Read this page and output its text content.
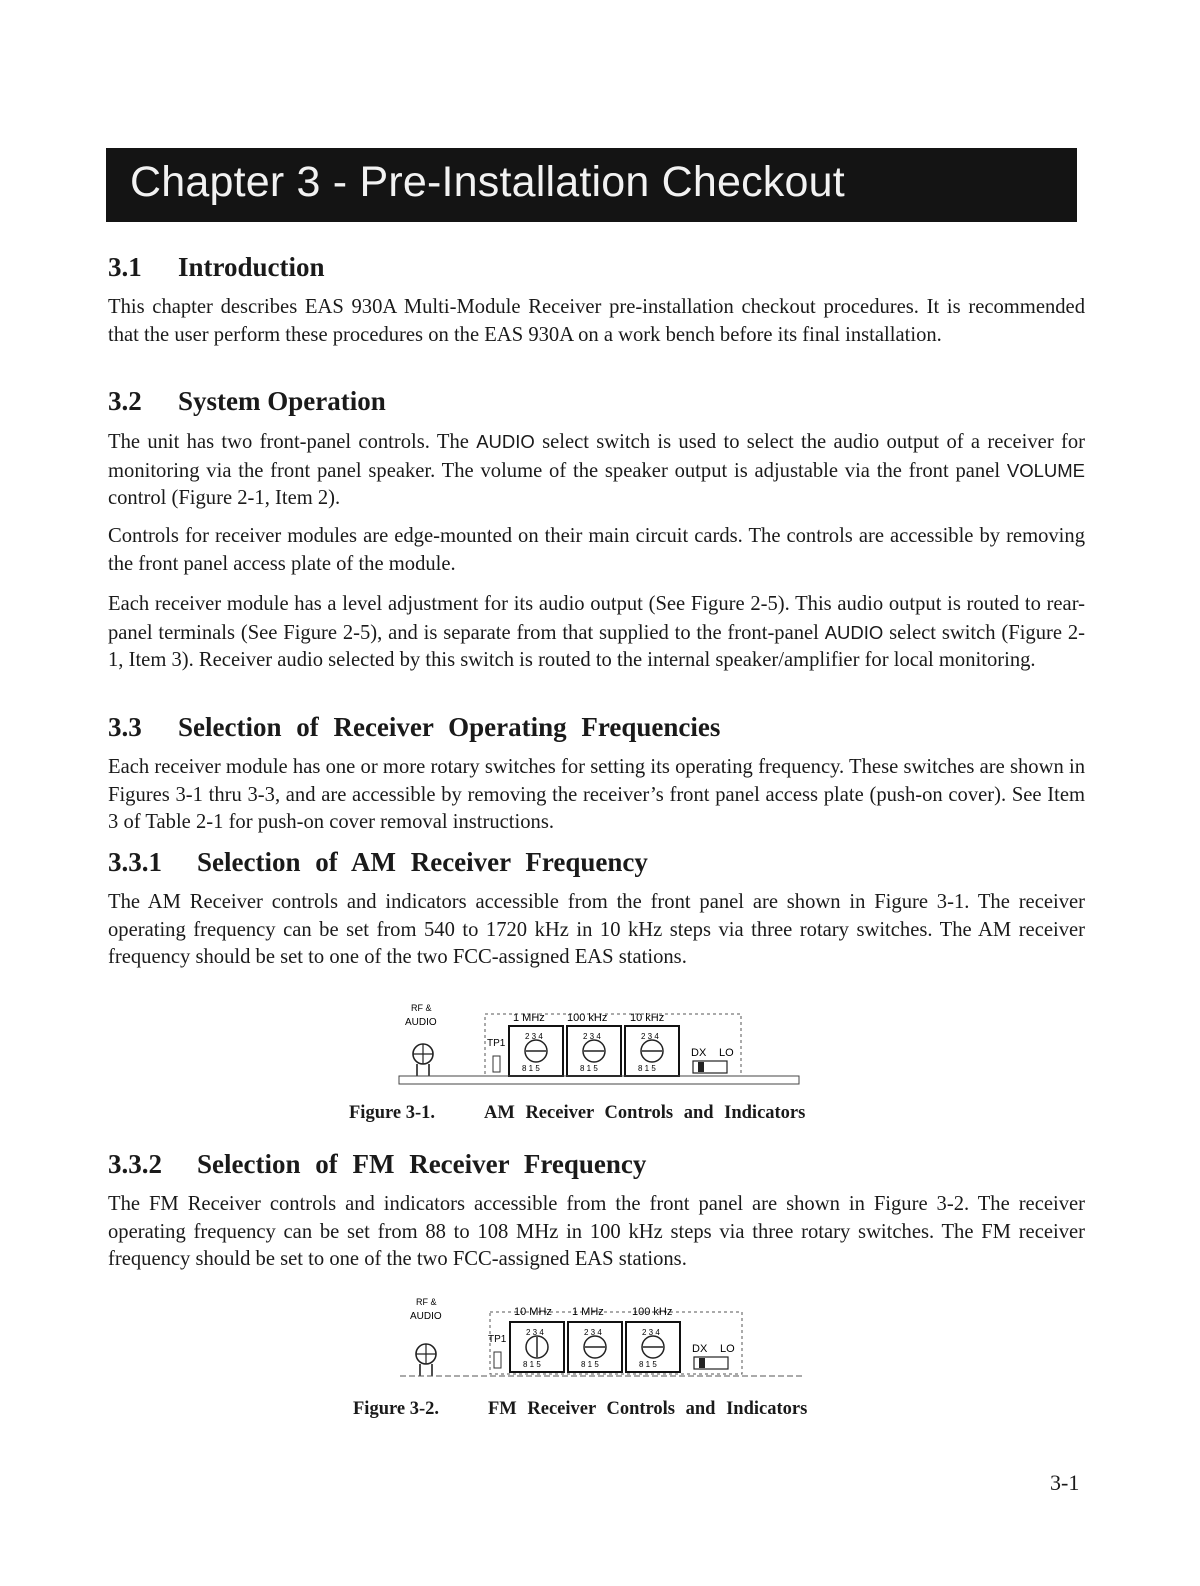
Chapter 3 - Pre-Installation Checkout
3.1 Introduction
This chapter describes EAS 930A Multi-Module Receiver pre-installation checkout procedures. It is recommended that the user perform these procedures on the EAS 930A on a work bench before its final installation.
3.2 System Operation
The unit has two front-panel controls. The AUDIO select switch is used to select the audio output of a receiver for monitoring via the front panel speaker. The volume of the speaker output is adjustable via the front panel VOLUME control (Figure 2-1, Item 2).
Controls for receiver modules are edge-mounted on their main circuit cards. The controls are accessible by removing the front panel access plate of the module.
Each receiver module has a level adjustment for its audio output (See Figure 2-5). This audio output is routed to rear-panel terminals (See Figure 2-5), and is separate from that supplied to the front-panel AUDIO select switch (Figure 2-1, Item 3). Receiver audio selected by this switch is routed to the internal speaker/amplifier for local monitoring.
3.3 Selection of Receiver Operating Frequencies
Each receiver module has one or more rotary switches for setting its operating frequency. These switches are shown in Figures 3-1 thru 3-3, and are accessible by removing the receiver’s front panel access plate (push-on cover). See Item 3 of Table 2-1 for push-on cover removal instructions.
3.3.1 Selection of AM Receiver Frequency
The AM Receiver controls and indicators accessible from the front panel are shown in Figure 3-1. The receiver operating frequency can be set from 540 to 1720 kHz in 10 kHz steps via three rotary switches. The AM receiver frequency should be set to one of the two FCC-assigned EAS stations.
RF &
AUDIO	1 MHz 100 kHz 10 kHz
TP1
2 3 4
8 1 5
2 3 4
8 1 5
2 3 4
8 1 5
DX LO
Figure 3-1.	AM Receiver Controls and Indicators
3.3.2 Selection of FM Receiver Frequency
The FM Receiver controls and indicators accessible from the front panel are shown in Figure 3-2. The receiver operating frequency can be set from 88 to 108 MHz in 100 kHz steps via three rotary switches. The FM receiver frequency should be set to one of the two FCC-assigned EAS stations.
RF &
AUDIO	10 MHz 1 MHz	100 kHz
TP1
2 3 4
8 1 5
2 3 4
8 1 5
2 3 4
8 1 5
DX LO
Figure 3-2.	FM Receiver Controls and Indicators
3-1
